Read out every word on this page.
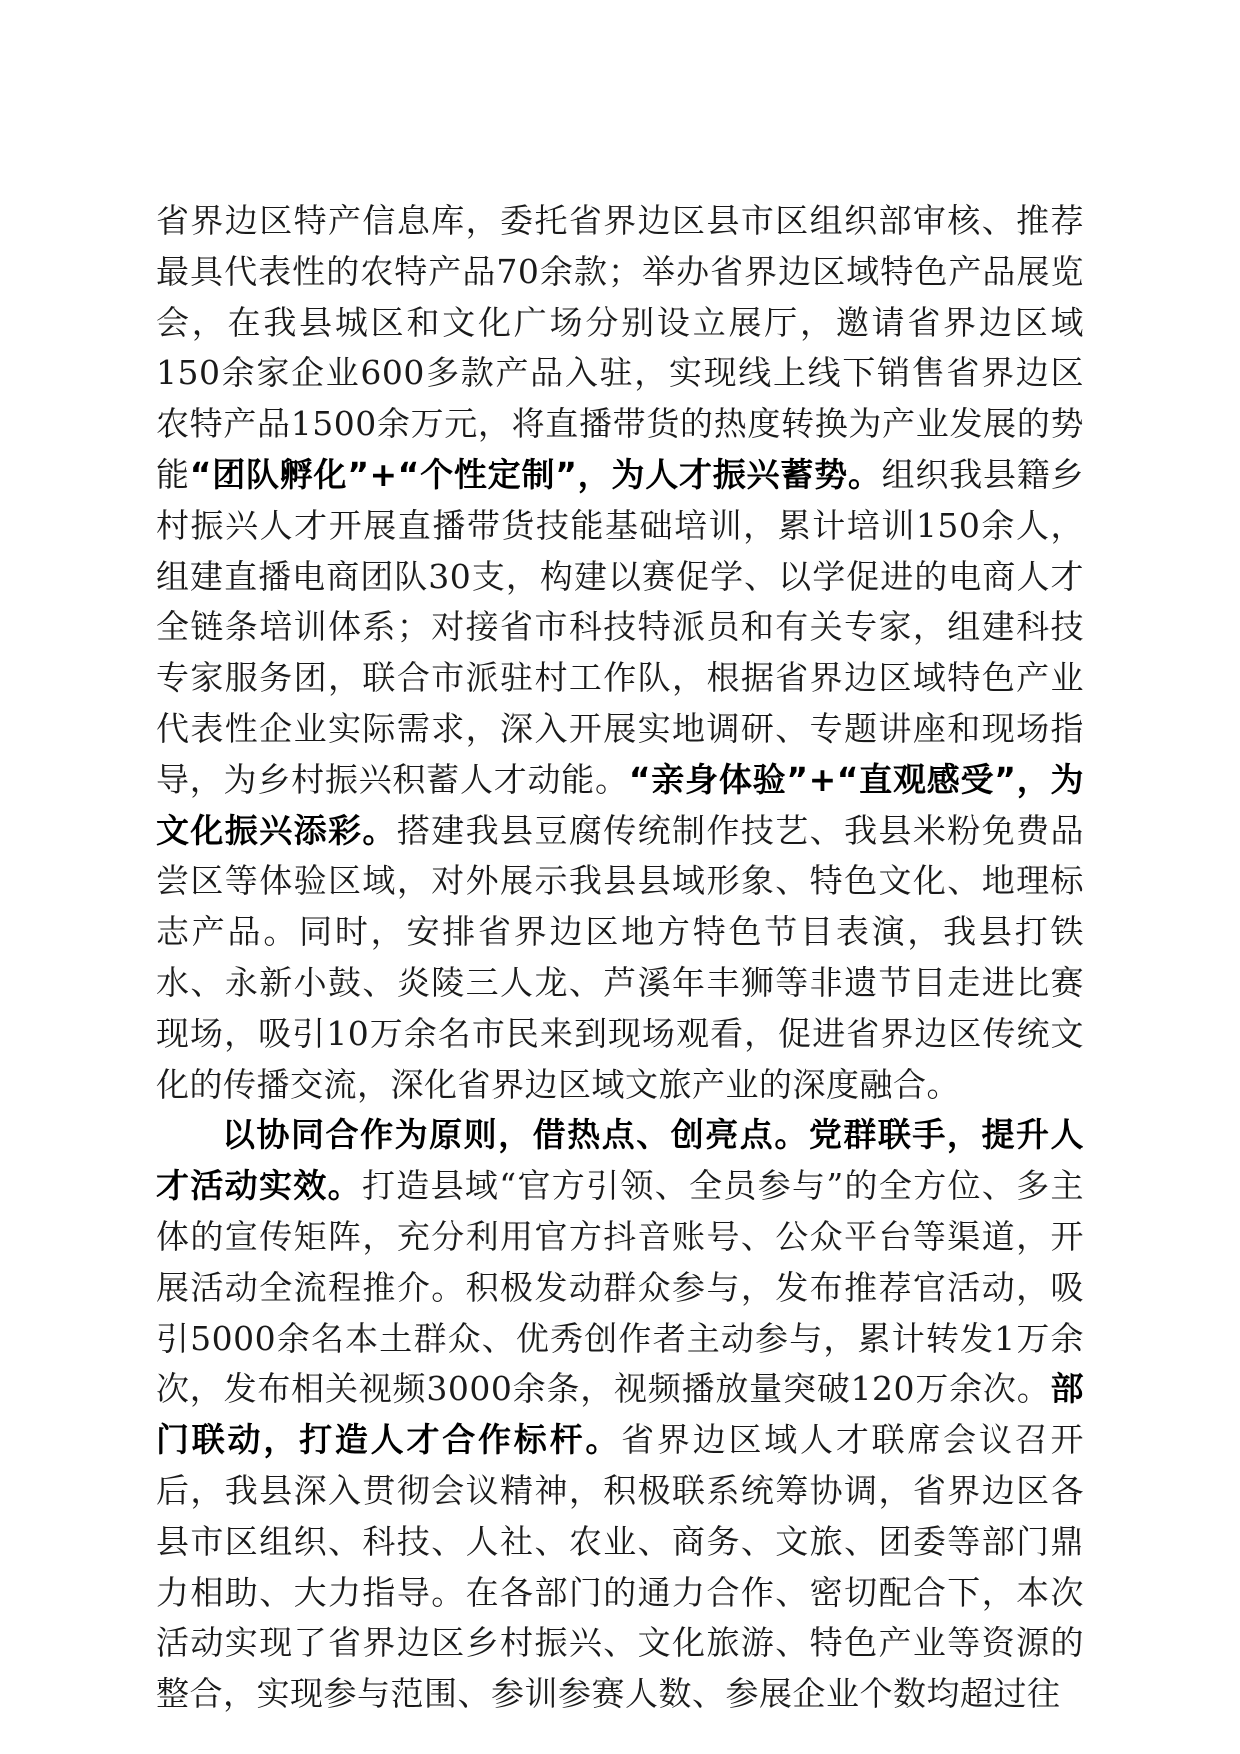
省界边区特产信息库，委托省界边区县市区组织部审核、推荐最具代表性的农特产品70余款；举办省界边区域特色产品展览会，在我县城区和文化广场分别设立展厅，邀请省界边区域150余家企业600多款产品入驻，实现线上线下销售省界边区农特产品1500余万元，将直播带货的热度转换为产业发展的势能“团队孵化”+“个性定制”，为人才振兴蓄势。组织我县籍乡村振兴人才开展直播带货技能基础培训，累计培训150余人，组建直播电商团队30支，构建以赛促学、以学促进的电商人才全链条培训体系；对接省市科技特派员和有关专家，组建科技专家服务团，联合市派驻村工作队，根据省界边区域特色产业代表性企业实际需求，深入开展实地调研、专题讲座和现场指导，为乡村振兴积蓄人才动能。“亲身体验”+“直观感受”，为文化振兴添彩。搭建我县豆腐传统制作技艺、我县米粉免费品尝区等体验区域，对外展示我县县域形象、特色文化、地理标志产品。同时，安排省界边区地方特色节目表演，我县打铁水、永新小鼓、炎陵三人龙、芦溪年丰狮等非遗节目走进比赛现场，吸引10万余名市民来到现场观看，促进省界边区传统文化的传播交流，深化省界边区域文旅产业的深度融合。

以协同合作为原则，借热点、创亮点。党群联手，提升人才活动实效。打造县域“官方引领、全员参与”的全方位、多主体的宣传矩阵，充分利用官方抖音账号、公众平台等渠道，开展活动全流程推介。积极发动群众参与，发布推荐官活动，吸引5000余名本土群众、优秀创作者主动参与，累计转发1万余次，发布相关视频3000余条，视频播放量突破120万余次。部门联动，打造人才合作标杆。省界边区域人才联席会议召开后，我县深入贯彻会议精神，积极联系统筹协调，省界边区各县市区组织、科技、人社、农业、商务、文旅、团委等部门鼎力相助、大力指导。在各部门的通力合作、密切配合下，本次活动实现了省界边区乡村振兴、文化旅游、特色产业等资源的整合，实现参与范围、参训参赛人数、参展企业个数均超过往
